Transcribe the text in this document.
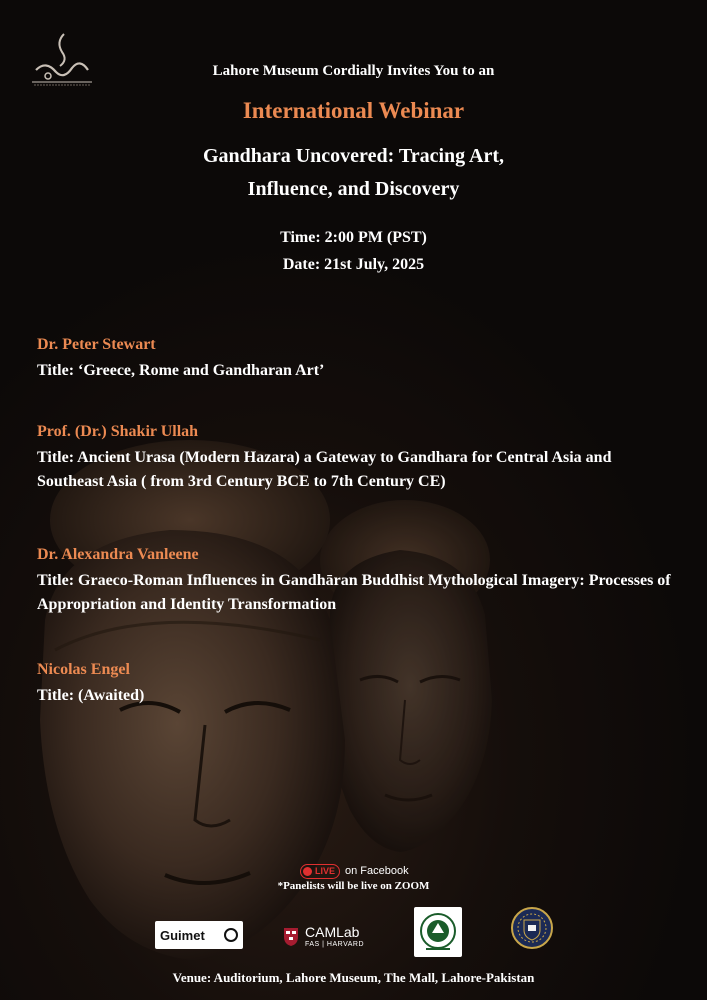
Lahore Museum Cordially Invites You to an
International Webinar
Gandhara Uncovered: Tracing Art,
Influence, and Discovery
Time: 2:00 PM (PST)
Date: 21st July, 2025
Dr. Peter Stewart
Title: ‘Greece, Rome and Gandharan Art’
Prof. (Dr.) Shakir Ullah
Title: Ancient Urasa (Modern Hazara) a Gateway to Gandhara for Central Asia and Southeast Asia ( from 3rd Century BCE to 7th Century CE)
Dr. Alexandra Vanleene
Title: Graeco-Roman Influences in Gandhāran Buddhist Mythological Imagery: Processes of Appropriation and Identity Transformation
Nicolas Engel
Title: (Awaited)
LIVE on Facebook
*Panelists will be live on ZOOM
Guimet	CAMLab
FAS | HARVARD
Venue: Auditorium, Lahore Museum, The Mall, Lahore-Pakistan
